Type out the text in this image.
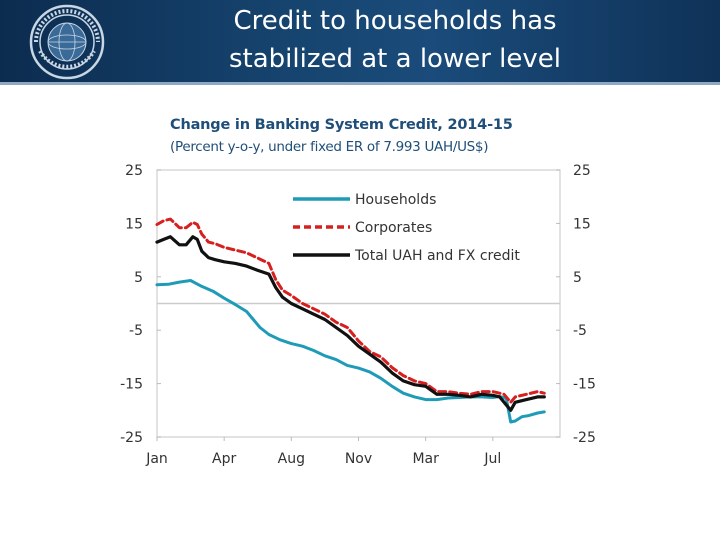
Credit to households has
stabilized at a lower level
Change in Banking System Credit, 2014-15
(Percent y-o-y, under fixed ER of 7.993 UAH/US$)
25
15
5
-5
-15
-25
25
15
5
-5
-15
-25
Jan	Apr	Aug	Nov	Mar	Jul
Households
Corporates
Total UAH and FX credit
